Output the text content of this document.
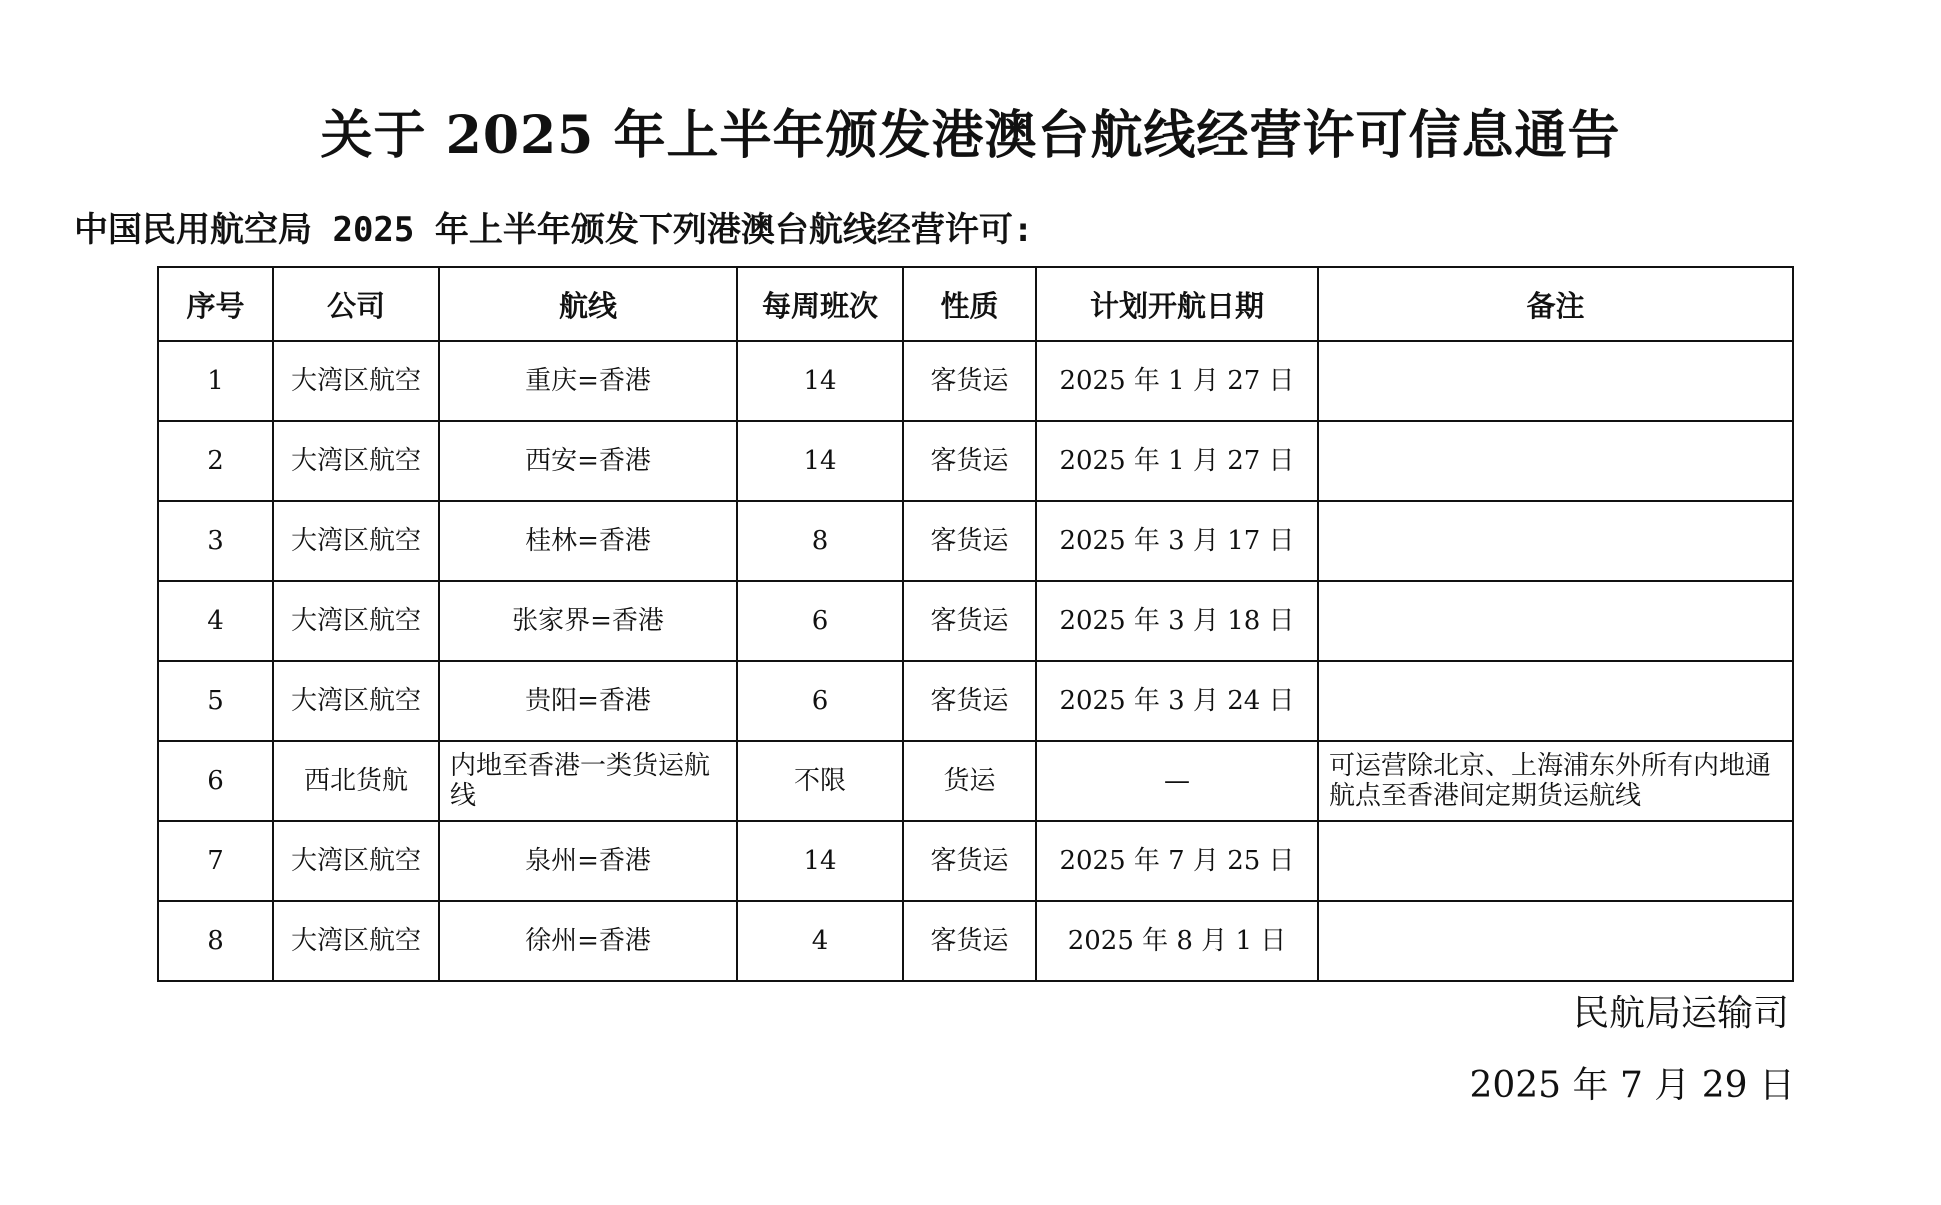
关于 2025 年上半年颁发港澳台航线经营许可信息通告

中国民用航空局 2025 年上半年颁发下列港澳台航线经营许可:

序号	公司	航线	每周班次	性质	计划开航日期	备注
1	大湾区航空	重庆=香港	14	客货运	2025 年 1 月 27 日	
2	大湾区航空	西安=香港	14	客货运	2025 年 1 月 27 日	
3	大湾区航空	桂林=香港	8	客货运	2025 年 3 月 17 日	
4	大湾区航空	张家界=香港	6	客货运	2025 年 3 月 18 日	
5	大湾区航空	贵阳=香港	6	客货运	2025 年 3 月 24 日	
6	西北货航	内地至香港一类货运航线	不限	货运	—	可运营除北京、上海浦东外所有内地通航点至香港间定期货运航线
7	大湾区航空	泉州=香港	14	客货运	2025 年 7 月 25 日	
8	大湾区航空	徐州=香港	4	客货运	2025 年 8 月 1 日	

民航局运输司

2025 年 7 月 29 日
